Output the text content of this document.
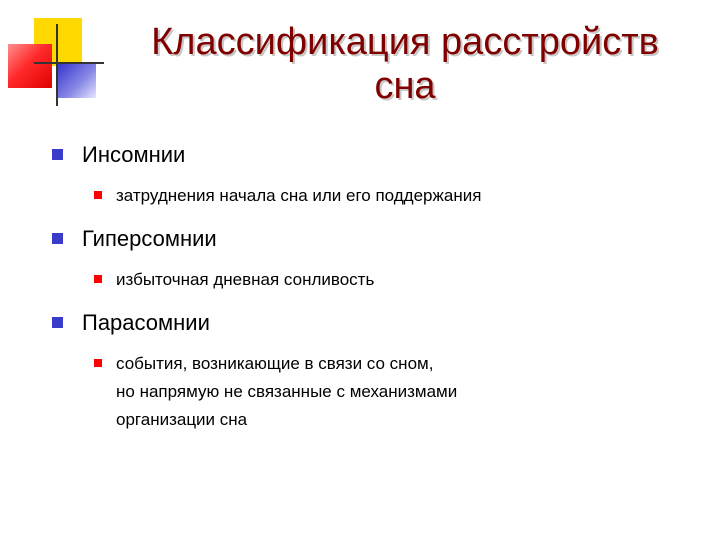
Классификация расстройств
сна
Инсомнии
затруднения начала сна или его поддержания
Гиперсомнии
избыточная дневная сонливость
Парасомнии
события, возникающие в связи со сном,
но напрямую не связанные с механизмами
организации сна
